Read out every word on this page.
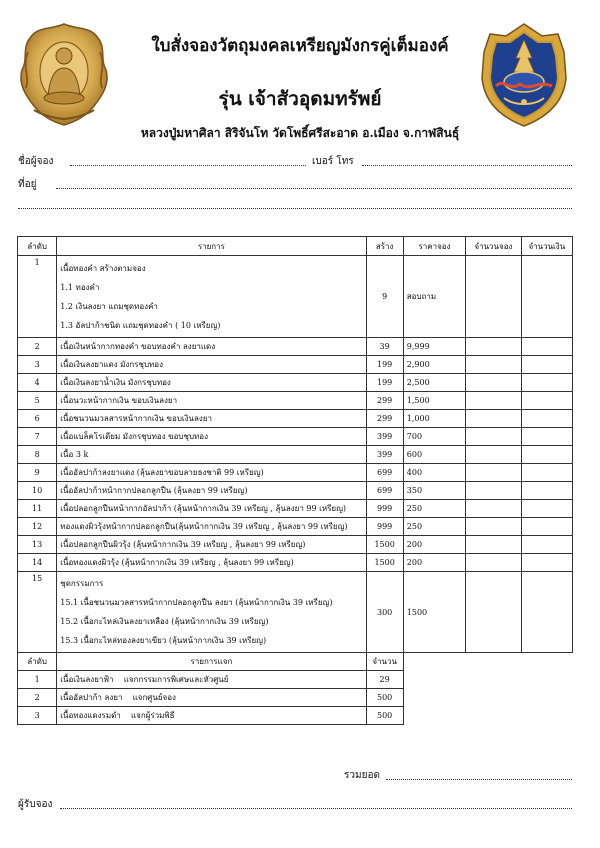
ใบสั่งจองวัตถุมงคลเหรียญมังกรคู่เต็มองค์
รุ่น เจ้าสัวอุดมทรัพย์
หลวงปู่มหาศิลา สิริจันโท วัดโพธิ์ศรีสะอาด อ.เมือง จ.กาฬสินธุ์
ชื่อผู้จอง	เบอร์ โทร
ที่อยู่
ลำดับ	รายการ	สร้าง	ราคาจอง	จำนวนจอง	จำนวนเงิน
1	เนื้อทองคำ สร้างตามจอง
1.1 ทองคำ
1.2 เงินลงยา แถมชุดทองคำ
1.3 อัลปาก้าชนิด แถมชุดทองคำ ( 10 เหรียญ)	9	สอบถาม		
2	เนื้อเงินหน้ากากทองคำ ขอบทองคำ ลงยาแดง	39	9,999		
3	เนื้อเงินลงยาแดง มังกรชุบทอง	199	2,900		
4	เนื้อเงินลงยาน้ำเงิน มังกรชุบทอง	199	2,500		
5	เนื้อนวะหน้ากากเงิน ขอบเงินลงยา	299	1,500		
6	เนื้อชนวนมวลสารหน้ากากเงิน ขอบเงินลงยา	299	1,000		
7	เนื้อแบล็คโรเดียม มังกรชุบทอง ขอบชุบทอง	399	700		
8	เนื้อ 3 k	399	600		
9	เนื้ออัลปาก้าลงยาแดง (ลุ้นลงยาขอบลายธงชาติ 99 เหรียญ)	699	400		
10	เนื้ออัลปาก้าหน้ากากปลอกลูกปืน (ลุ้นลงยา 99 เหรียญ)	699	350		
11	เนื้อปลอกลูกปืนหน้ากากอัลปาก้า (ลุ้นหน้ากากเงิน 39 เหรียญ , ลุ้นลงยา 99 เหรียญ)	999	250		
12	ทองแดงผิวรุ้งหน้ากากปลอกลูกปืน(ลุ้นหน้ากากเงิน 39 เหรียญ , ลุ้นลงยา 99 เหรียญ)	999	250		
13	เนื้อปลอกลูกปืนผิวรุ้ง (ลุ้นหน้ากากเงิน 39 เหรียญ , ลุ้นลงยา 99 เหรียญ)	1500	200		
14	เนื้อทองแดงผิวรุ้ง (ลุ้นหน้ากากเงิน 39 เหรียญ , ลุ้นลงยา 99 เหรียญ)	1500	200		
15	ชุดกรรมการ
15.1 เนื้อชนวนมวลสารหน้ากากปลอกลูกปืน ลงยา (ลุ้นหน้ากากเงิน 39 เหรียญ)
15.2 เนื้อกะไหล่เงินลงยาเหลือง (ลุ้นหน้ากากเงิน 39 เหรียญ)
15.3 เนื้อกะไหล่ทองลงยาเขียว (ลุ้นหน้ากากเงิน 39 เหรียญ)	300	1500		
ลำดับ	รายการแจก	จำนวน			
1	เนื้อเงินลงยาฟ้า แจกกรรมการพิเศษและหัวศูนย์	29			
2	เนื้ออัลปาก้า ลงยา แจกศูนย์จอง	500			
3	เนื้อทองแดงรมดำ แจกผู้ร่วมพิธี	500			
รวมยอด
ผู้รับจอง
